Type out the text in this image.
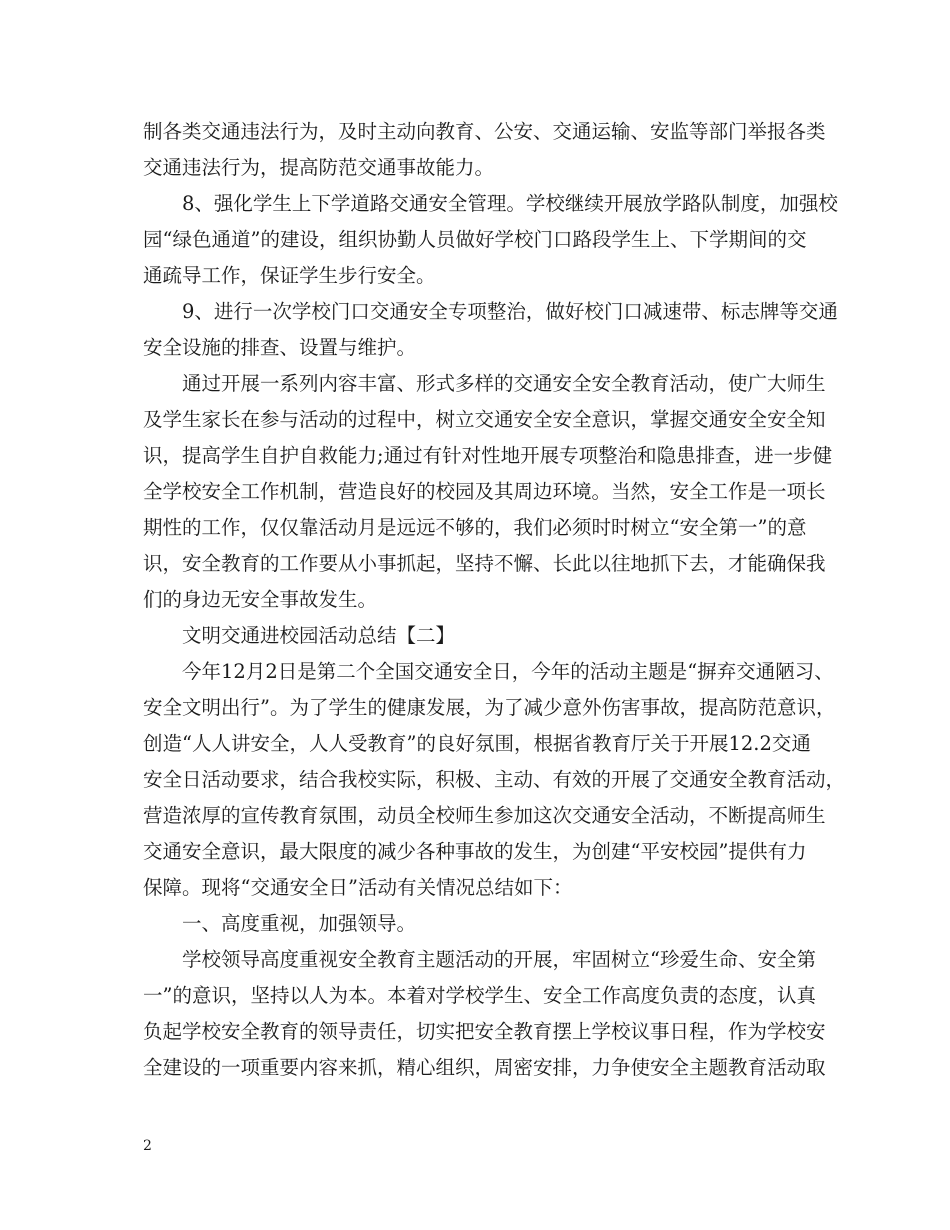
制各类交通违法行为，及时主动向教育、公安、交通运输、安监等部门举报各类
交通违法行为，提高防范交通事故能力。
8、强化学生上下学道路交通安全管理。学校继续开展放学路队制度，加强校
园“绿色通道”的建设，组织协勤人员做好学校门口路段学生上、下学期间的交
通疏导工作，保证学生步行安全。
9、进行一次学校门口交通安全专项整治，做好校门口减速带、标志牌等交通
安全设施的排查、设置与维护。
通过开展一系列内容丰富、形式多样的交通安全安全教育活动，使广大师生
及学生家长在参与活动的过程中，树立交通安全安全意识，掌握交通安全安全知
识，提高学生自护自救能力;通过有针对性地开展专项整治和隐患排查，进一步健
全学校安全工作机制，营造良好的校园及其周边环境。当然，安全工作是一项长
期性的工作，仅仅靠活动月是远远不够的，我们必须时时树立“安全第一”的意
识，安全教育的工作要从小事抓起，坚持不懈、长此以往地抓下去，才能确保我
们的身边无安全事故发生。
文明交通进校园活动总结【二】
今年12月2日是第二个全国交通安全日，今年的活动主题是“摒弃交通陋习、
安全文明出行”。为了学生的健康发展，为了减少意外伤害事故，提高防范意识，
创造“人人讲安全，人人受教育”的良好氛围，根据省教育厅关于开展12.2交通
安全日活动要求，结合我校实际，积极、主动、有效的开展了交通安全教育活动，
营造浓厚的宣传教育氛围，动员全校师生参加这次交通安全活动，不断提高师生
交通安全意识，最大限度的减少各种事故的发生，为创建“平安校园”提供有力
保障。现将“交通安全日”活动有关情况总结如下：
一、高度重视，加强领导。
学校领导高度重视安全教育主题活动的开展，牢固树立“珍爱生命、安全第
一”的意识，坚持以人为本。本着对学校学生、安全工作高度负责的态度，认真
负起学校安全教育的领导责任，切实把安全教育摆上学校议事日程，作为学校安
全建设的一项重要内容来抓，精心组织，周密安排，力争使安全主题教育活动取
2
